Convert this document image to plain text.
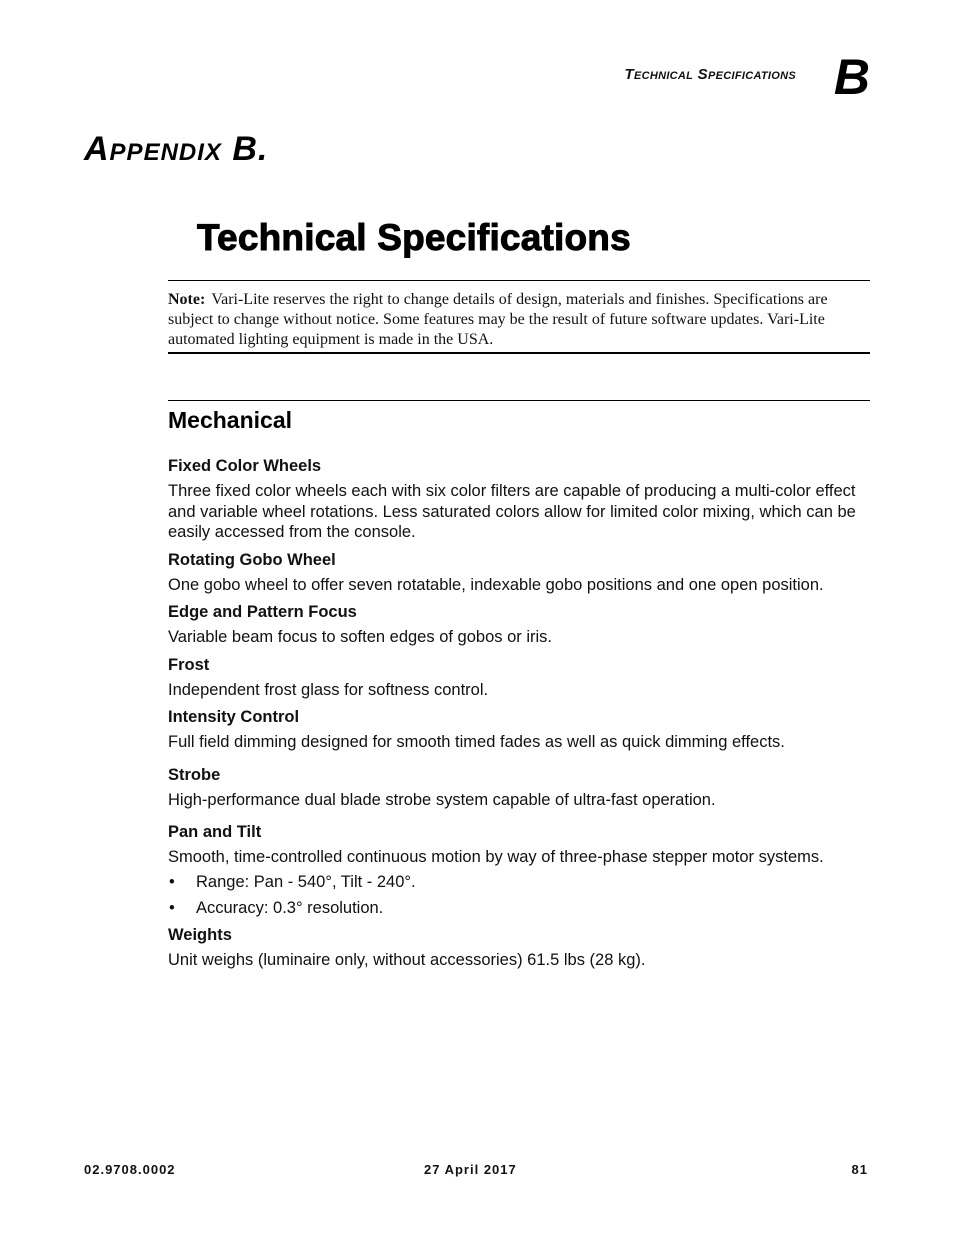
Technical Specifications B
Appendix B.
Technical Specifications
Note: Vari-Lite reserves the right to change details of design, materials and finishes. Specifications are subject to change without notice. Some features may be the result of future software updates. Vari-Lite automated lighting equipment is made in the USA.
Mechanical
Fixed Color Wheels
Three fixed color wheels each with six color filters are capable of producing a multi-color effect and variable wheel rotations. Less saturated colors allow for limited color mixing, which can be easily accessed from the console.
Rotating Gobo Wheel
One gobo wheel to offer seven rotatable, indexable gobo positions and one open position.
Edge and Pattern Focus
Variable beam focus to soften edges of gobos or iris.
Frost
Independent frost glass for softness control.
Intensity Control
Full field dimming designed for smooth timed fades as well as quick dimming effects.
Strobe
High-performance dual blade strobe system capable of ultra-fast operation.
Pan and Tilt
Smooth, time-controlled continuous motion by way of three-phase stepper motor systems.
• Range: Pan - 540°, Tilt - 240°.
• Accuracy: 0.3° resolution.
Weights
Unit weighs (luminaire only, without accessories) 61.5 lbs (28 kg).
02.9708.0002	27 April 2017	81
